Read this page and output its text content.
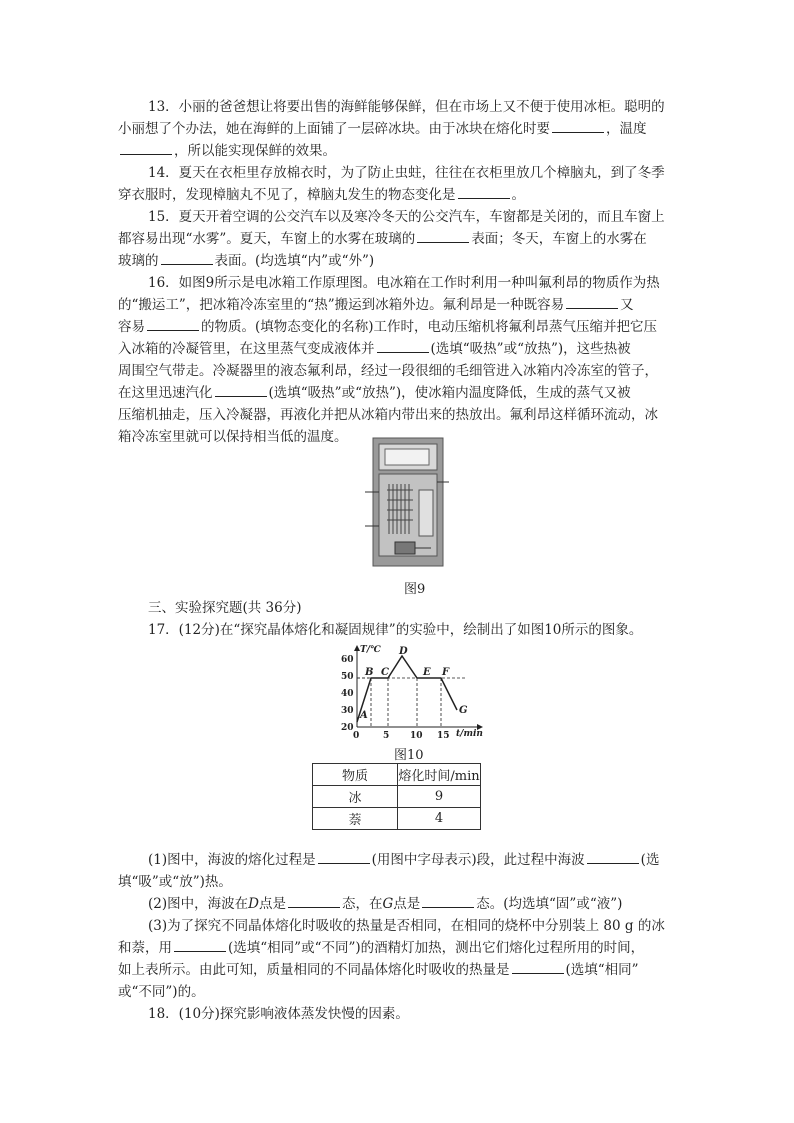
13．小丽的爸爸想让将要出售的海鲜能够保鲜，但在市场上又不便于使用冰柜。聪明的
小丽想了个办法，她在海鲜的上面铺了一层碎冰块。由于冰块在熔化时要	，温度
，所以能实现保鲜的效果。
14．夏天在衣柜里存放棉衣时，为了防止虫蛀，往往在衣柜里放几个樟脑丸，到了冬季
穿衣服时，发现樟脑丸不见了，樟脑丸发生的物态变化是	。
15．夏天开着空调的公交汽车以及寒冷冬天的公交汽车，车窗都是关闭的，而且车窗上
都容易出现“水雾”。夏天，车窗上的水雾在玻璃的	表面；冬天，车窗上的水雾在
玻璃的	表面。(均选填“内”或“外”)
16．如图9所示是电冰箱工作原理图。电冰箱在工作时利用一种叫氟利昂的物质作为热
的“搬运工”，把冰箱冷冻室里的“热”搬运到冰箱外边。氟利昂是一种既容易	又
容易	的物质。(填物态变化的名称)工作时，电动压缩机将氟利昂蒸气压缩并把它压
入冰箱的冷凝管里，在这里蒸气变成液体并	(选填“吸热”或“放热”)，这些热被
周围空气带走。冷凝器里的液态氟利昂，经过一段很细的毛细管进入冰箱内冷冻室的管子，
在这里迅速汽化	(选填“吸热”或“放热”)，使冰箱内温度降低，生成的蒸气又被
压缩机抽走，压入冷凝器，再液化并把从冰箱内带出来的热放出。氟利昂这样循环流动，冰
箱冷冻室里就可以保持相当低的温度。
图9
三、实验探究题(共 36分)
17．(12分)在“探究晶体熔化和凝固规律”的实验中，绘制出了如图10所示的图象。
60
50
40
30
20
0	5 10 15
T/℃
t/min
A
B C
D
E F
G
图10
物质	熔化时间/min
冰	9
萘	4
(1)图中，海波的熔化过程是	(用图中字母表示)段，此过程中海波	(选
填“吸”或“放”)热。
(2)图中，海波在D点是	态，在G点是	态。(均选填“固”或“液”)
(3)为了探究不同晶体熔化时吸收的热量是否相同，在相同的烧杯中分别装上 80 g 的冰
和萘，用	(选填“相同”或“不同”)的酒精灯加热，测出它们熔化过程所用的时间，
如上表所示。由此可知，质量相同的不同晶体熔化时吸收的热量是	(选填“相同”
或“不同”)的。
18．(10分)探究影响液体蒸发快慢的因素。
